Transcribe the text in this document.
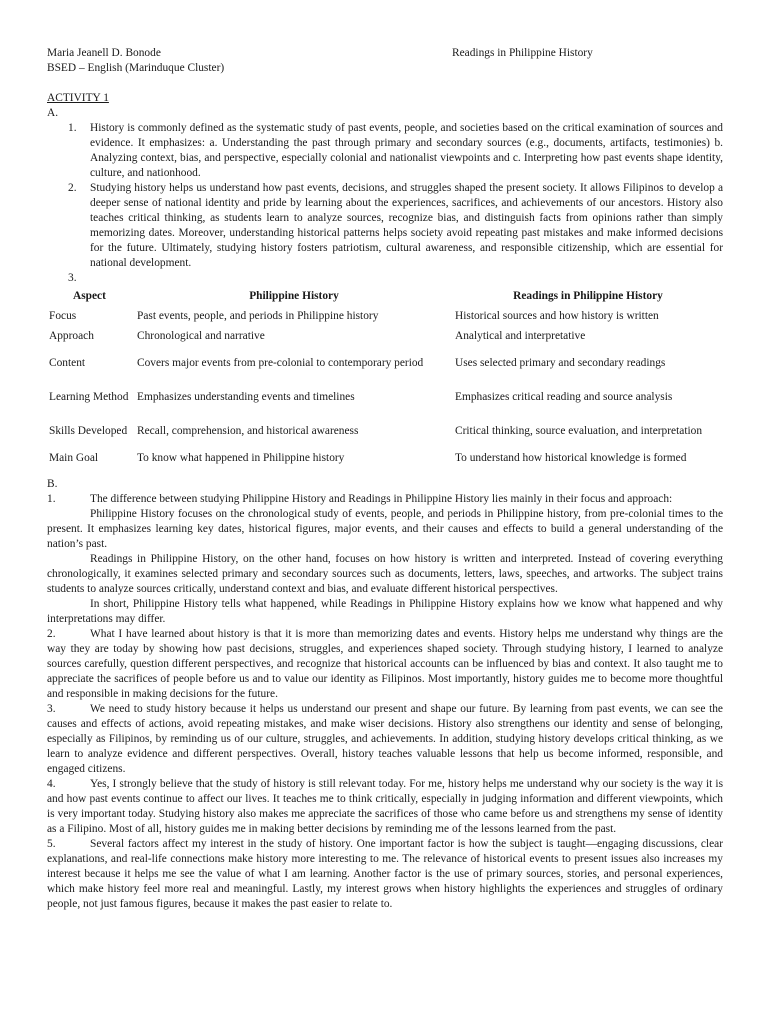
Maria Jeanell D. Bonode	Readings in Philippine History
BSED – English (Marinduque Cluster)
ACTIVITY 1
A.
1. History is commonly defined as the systematic study of past events, people, and societies based on the critical examination of sources and evidence. It emphasizes: a. Understanding the past through primary and secondary sources (e.g., documents, artifacts, testimonies) b. Analyzing context, bias, and perspective, especially colonial and nationalist viewpoints and c. Interpreting how past events shape identity, culture, and nationhood.
2. Studying history helps us understand how past events, decisions, and struggles shaped the present society. It allows Filipinos to develop a deeper sense of national identity and pride by learning about the experiences, sacrifices, and achievements of our ancestors. History also teaches critical thinking, as students learn to analyze sources, recognize bias, and distinguish facts from opinions rather than simply memorizing dates. Moreover, understanding historical patterns helps society avoid repeating past mistakes and make informed decisions for the future. Ultimately, studying history fosters patriotism, cultural awareness, and responsible citizenship, which are essential for national development.
3.
Aspect	Philippine History	Readings in Philippine History
Focus	Past events, people, and periods in Philippine history	Historical sources and how history is written
Approach	Chronological and narrative	Analytical and interpretative
Content	Covers major events from pre-colonial to contemporary period	Uses selected primary and secondary readings
Learning Method	Emphasizes understanding events and timelines	Emphasizes critical reading and source analysis
Skills Developed	Recall, comprehension, and historical awareness	Critical thinking, source evaluation, and interpretation
Main Goal	To know what happened in Philippine history	To understand how historical knowledge is formed
B.
1.	The difference between studying Philippine History and Readings in Philippine History lies mainly in their focus and approach:
Philippine History focuses on the chronological study of events, people, and periods in Philippine history, from pre-colonial times to the present. It emphasizes learning key dates, historical figures, major events, and their causes and effects to build a general understanding of the nation’s past.
Readings in Philippine History, on the other hand, focuses on how history is written and interpreted. Instead of covering everything chronologically, it examines selected primary and secondary sources such as documents, letters, laws, speeches, and artworks. The subject trains students to analyze sources critically, understand context and bias, and evaluate different historical perspectives.
In short, Philippine History tells what happened, while Readings in Philippine History explains how we know what happened and why interpretations may differ.
2.	What I have learned about history is that it is more than memorizing dates and events. History helps me understand why things are the way they are today by showing how past decisions, struggles, and experiences shaped society. Through studying history, I learned to analyze sources carefully, question different perspectives, and recognize that historical accounts can be influenced by bias and context. It also taught me to appreciate the sacrifices of people before us and to value our identity as Filipinos. Most importantly, history guides me to become more thoughtful and responsible in making decisions for the future.
3.	We need to study history because it helps us understand our present and shape our future. By learning from past events, we can see the causes and effects of actions, avoid repeating mistakes, and make wiser decisions. History also strengthens our identity and sense of belonging, especially as Filipinos, by reminding us of our culture, struggles, and achievements. In addition, studying history develops critical thinking, as we learn to analyze evidence and different perspectives. Overall, history teaches valuable lessons that help us become informed, responsible, and engaged citizens.
4.	Yes, I strongly believe that the study of history is still relevant today. For me, history helps me understand why our society is the way it is and how past events continue to affect our lives. It teaches me to think critically, especially in judging information and different viewpoints, which is very important today. Studying history also makes me appreciate the sacrifices of those who came before us and strengthens my sense of identity as a Filipino. Most of all, history guides me in making better decisions by reminding me of the lessons learned from the past.
5.	Several factors affect my interest in the study of history. One important factor is how the subject is taught—engaging discussions, clear explanations, and real-life connections make history more interesting to me. The relevance of historical events to present issues also increases my interest because it helps me see the value of what I am learning. Another factor is the use of primary sources, stories, and personal experiences, which make history feel more real and meaningful. Lastly, my interest grows when history highlights the experiences and struggles of ordinary people, not just famous figures, because it makes the past easier to relate to.
